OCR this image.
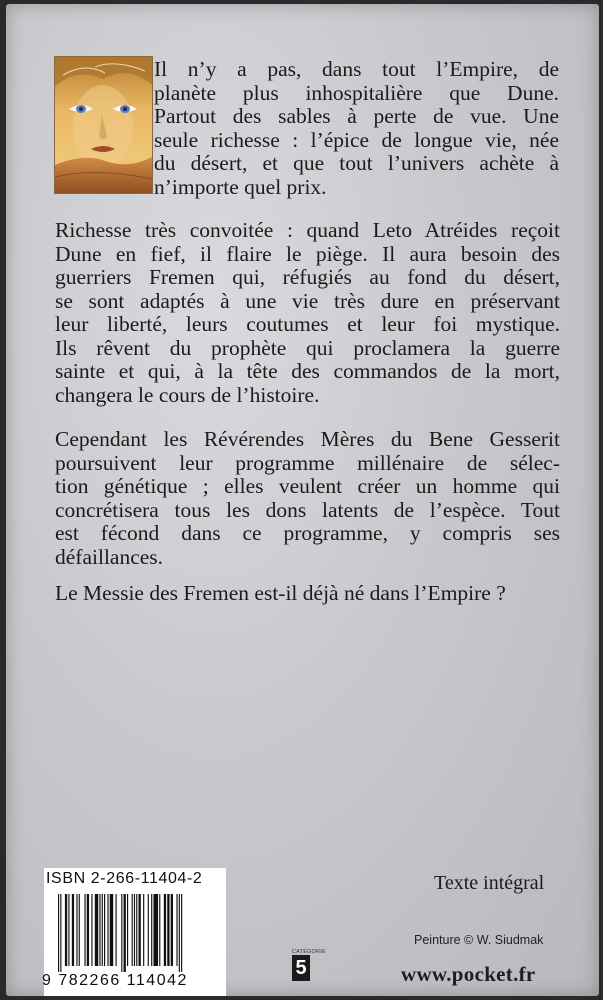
Il n’y a pas, dans tout l’Empire, de
planète plus inhospitalière que Dune.
Partout des sables à perte de vue. Une
seule richesse : l’épice de longue vie, née
du désert, et que tout l’univers achète à
n’importe quel prix.
Richesse très convoitée : quand Leto Atréides reçoit
Dune en fief, il flaire le piège. Il aura besoin des
guerriers Fremen qui, réfugiés au fond du désert,
se sont adaptés à une vie très dure en préservant
leur liberté, leurs coutumes et leur foi mystique.
Ils rêvent du prophète qui proclamera la guerre
sainte et qui, à la tête des commandos de la mort,
changera le cours de l’histoire.
Cependant les Révérendes Mères du Bene Gesserit
poursuivent leur programme millénaire de sélec-
tion génétique ; elles veulent créer un homme qui
concrétisera tous les dons latents de l’espèce. Tout
est fécond dans ce programme, y compris ses
défaillances.
Le Messie des Fremen est-il déjà né dans l’Empire ?
Texte intégral
Peinture © W. Siudmak
CATÉGORIE
5	www.pocket.fr
ISBN 2-266-11404-2
9 782266 114042
